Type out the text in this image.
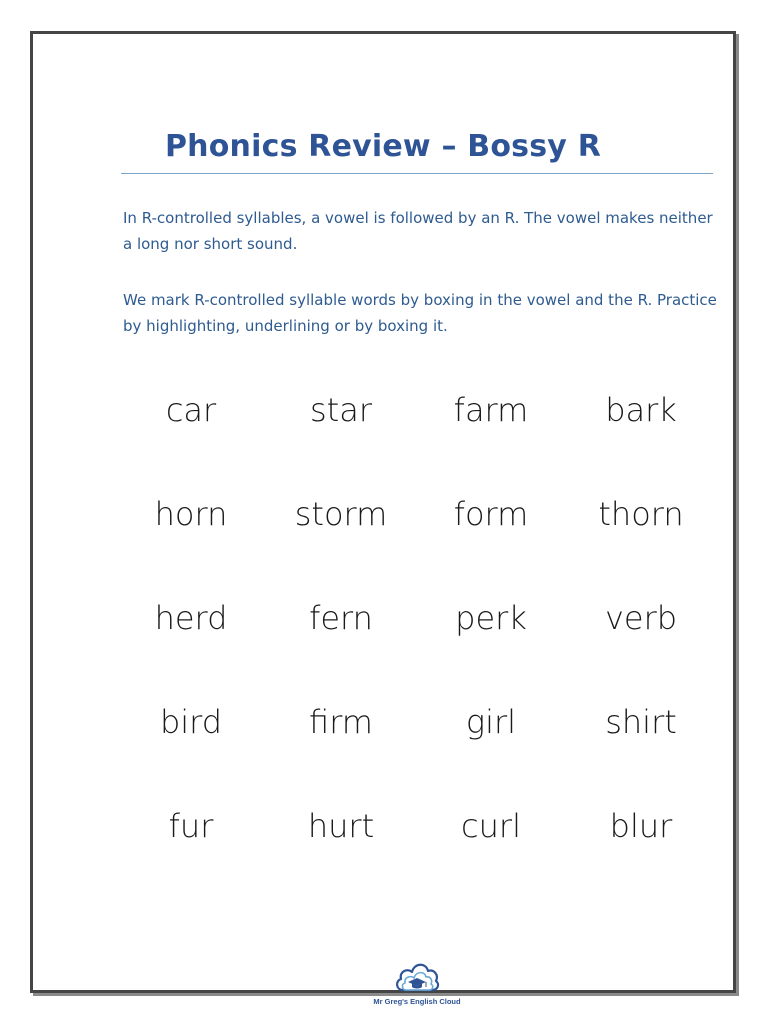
Phonics Review – Bossy R

In R-controlled syllables, a vowel is followed by an R. The vowel makes neither a long nor short sound.

We mark R-controlled syllable words by boxing in the vowel and the R. Practice by highlighting, underlining or by boxing it.

car	star	farm	bark
horn	storm	form	thorn
herd	fern	perk	verb
bird	firm	girl	shirt
fur	hurt	curl	blur
Mr Greg's English Cloud
